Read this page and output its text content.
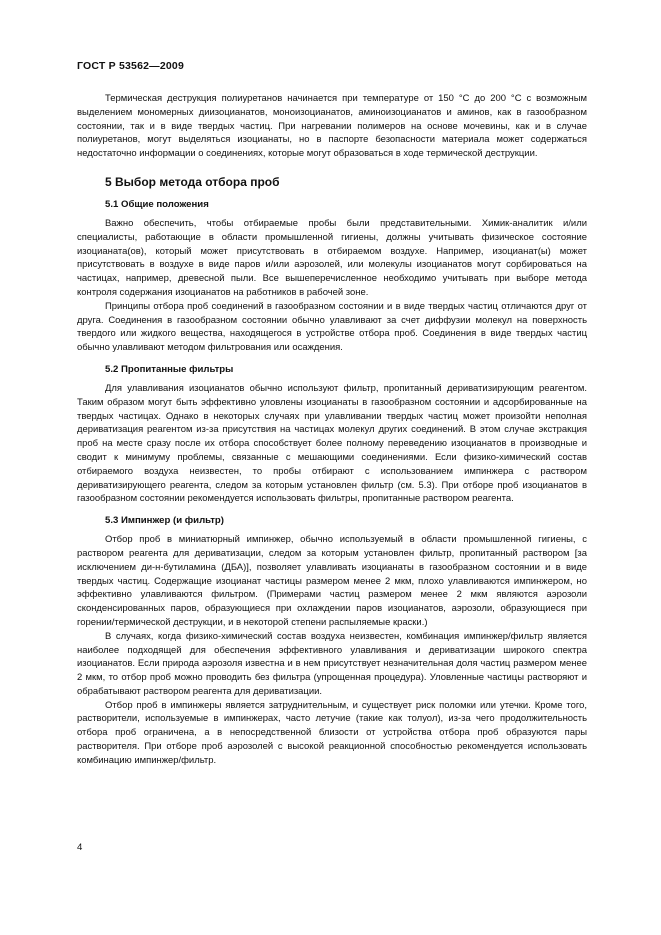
ГОСТ Р 53562—2009

Термическая деструкция полиуретанов начинается при температуре от 150 °С до 200 °С с возможным выделением мономерных диизоцианатов, моноизоцианатов, аминоизоцианатов и аминов, как в газообразном состоянии, так и в виде твердых частиц. При нагревании полимеров на основе мочевины, как и в случае полиуретанов, могут выделяться изоцианаты, но в паспорте безопасности материала может содержаться недостаточно информации о соединениях, которые могут образоваться в ходе термической деструкции.

5 Выбор метода отбора проб
5.1 Общие положения

Важно обеспечить, чтобы отбираемые пробы были представительными. Химик-аналитик и/или специалисты, работающие в области промышленной гигиены, должны учитывать физическое состояние изоцианата(ов), который может присутствовать в отбираемом воздухе. Например, изоцианат(ы) может присутствовать в воздухе в виде паров и/или аэрозолей, или молекулы изоцианатов могут сорбироваться на частицах, например, древесной пыли. Все вышеперечисленное необходимо учитывать при выборе метода контроля содержания изоцианатов на работников в рабочей зоне.

Принципы отбора проб соединений в газообразном состоянии и в виде твердых частиц отличаются друг от друга. Соединения в газообразном состоянии обычно улавливают за счет диффузии молекул на поверхность твердого или жидкого вещества, находящегося в устройстве отбора проб. Соединения в виде твердых частиц обычно улавливают методом фильтрования или осаждения.

5.2 Пропитанные фильтры

Для улавливания изоцианатов обычно используют фильтр, пропитанный дериватизирующим реагентом. Таким образом могут быть эффективно уловлены изоцианаты в газообразном состоянии и адсорбированные на твердых частицах. Однако в некоторых случаях при улавливании твердых частиц может произойти неполная дериватизация реагентом из-за присутствия на частицах молекул других соединений. В этом случае экстракция проб на месте сразу после их отбора способствует более полному переведению изоцианатов в производные и сводит к минимуму проблемы, связанные с мешающими соединениями. Если физико-химический состав отбираемого воздуха неизвестен, то пробы отбирают с использованием импинжера с раствором дериватизирующего реагента, следом за которым установлен фильтр (см. 5.3). При отборе проб изоцианатов в газообразном состоянии рекомендуется использовать фильтры, пропитанные раствором реагента.

5.3 Импинжер (и фильтр)

Отбор проб в миниатюрный импинжер, обычно используемый в области промышленной гигиены, с раствором реагента для дериватизации, следом за которым установлен фильтр, пропитанный раствором [за исключением ди-н-бутиламина (ДБА)], позволяет улавливать изоцианаты в газообразном состоянии и в виде твердых частиц. Содержащие изоцианат частицы размером менее 2 мкм, плохо улавливаются импинжером, но эффективно улавливаются фильтром. (Примерами частиц размером менее 2 мкм являются аэрозоли сконденсированных паров, образующиеся при охлаждении паров изоцианатов, аэрозоли, образующиеся при горении/термической деструкции, и в некоторой степени распыляемые краски.)

В случаях, когда физико-химический состав воздуха неизвестен, комбинация импинжер/фильтр является наиболее подходящей для обеспечения эффективного улавливания и дериватизации широкого спектра изоцианатов. Если природа аэрозоля известна и в нем присутствует незначительная доля частиц размером менее 2 мкм, то отбор проб можно проводить без фильтра (упрощенная процедура). Уловленные частицы растворяют и обрабатывают раствором реагента для дериватизации.

Отбор проб в импинжеры является затруднительным, и существует риск поломки или утечки. Кроме того, растворители, используемые в импинжерах, часто летучие (такие как толуол), из-за чего продолжительность отбора проб ограничена, а в непосредственной близости от устройства отбора проб образуются пары растворителя. При отборе проб аэрозолей с высокой реакционной способностью рекомендуется использовать комбинацию импинжер/фильтр.

4
